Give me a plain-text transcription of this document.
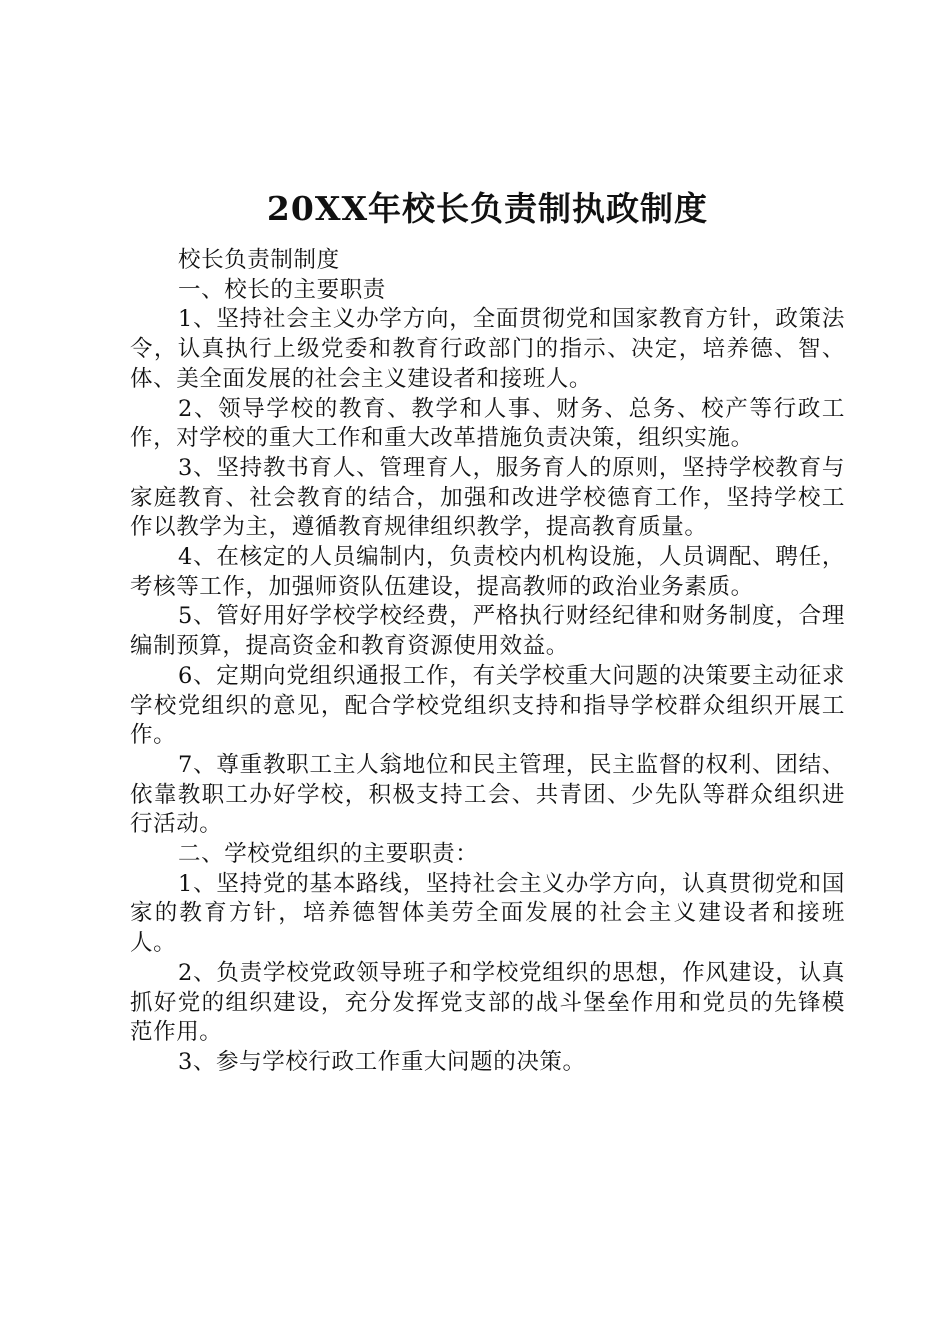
20XX年校长负责制执政制度

校长负责制制度

一、校长的主要职责

1、坚持社会主义办学方向，全面贯彻党和国家教育方针，政策法令，认真执行上级党委和教育行政部门的指示、决定，培养德、智、体、美全面发展的社会主义建设者和接班人。

2、领导学校的教育、教学和人事、财务、总务、校产等行政工作，对学校的重大工作和重大改革措施负责决策，组织实施。

3、坚持教书育人、管理育人，服务育人的原则，坚持学校教育与家庭教育、社会教育的结合，加强和改进学校德育工作，坚持学校工作以教学为主，遵循教育规律组织教学，提高教育质量。

4、在核定的人员编制内，负责校内机构设施，人员调配、聘任，考核等工作，加强师资队伍建设，提高教师的政治业务素质。

5、管好用好学校学校经费，严格执行财经纪律和财务制度，合理编制预算，提高资金和教育资源使用效益。

6、定期向党组织通报工作，有关学校重大问题的决策要主动征求学校党组织的意见，配合学校党组织支持和指导学校群众组织开展工作。

7、尊重教职工主人翁地位和民主管理，民主监督的权利、团结、依靠教职工办好学校，积极支持工会、共青团、少先队等群众组织进行活动。

二、学校党组织的主要职责：

1、坚持党的基本路线，坚持社会主义办学方向，认真贯彻党和国家的教育方针，培养德智体美劳全面发展的社会主义建设者和接班人。

2、负责学校党政领导班子和学校党组织的思想，作风建设，认真抓好党的组织建设，充分发挥党支部的战斗堡垒作用和党员的先锋模范作用。

3、参与学校行政工作重大问题的决策。
